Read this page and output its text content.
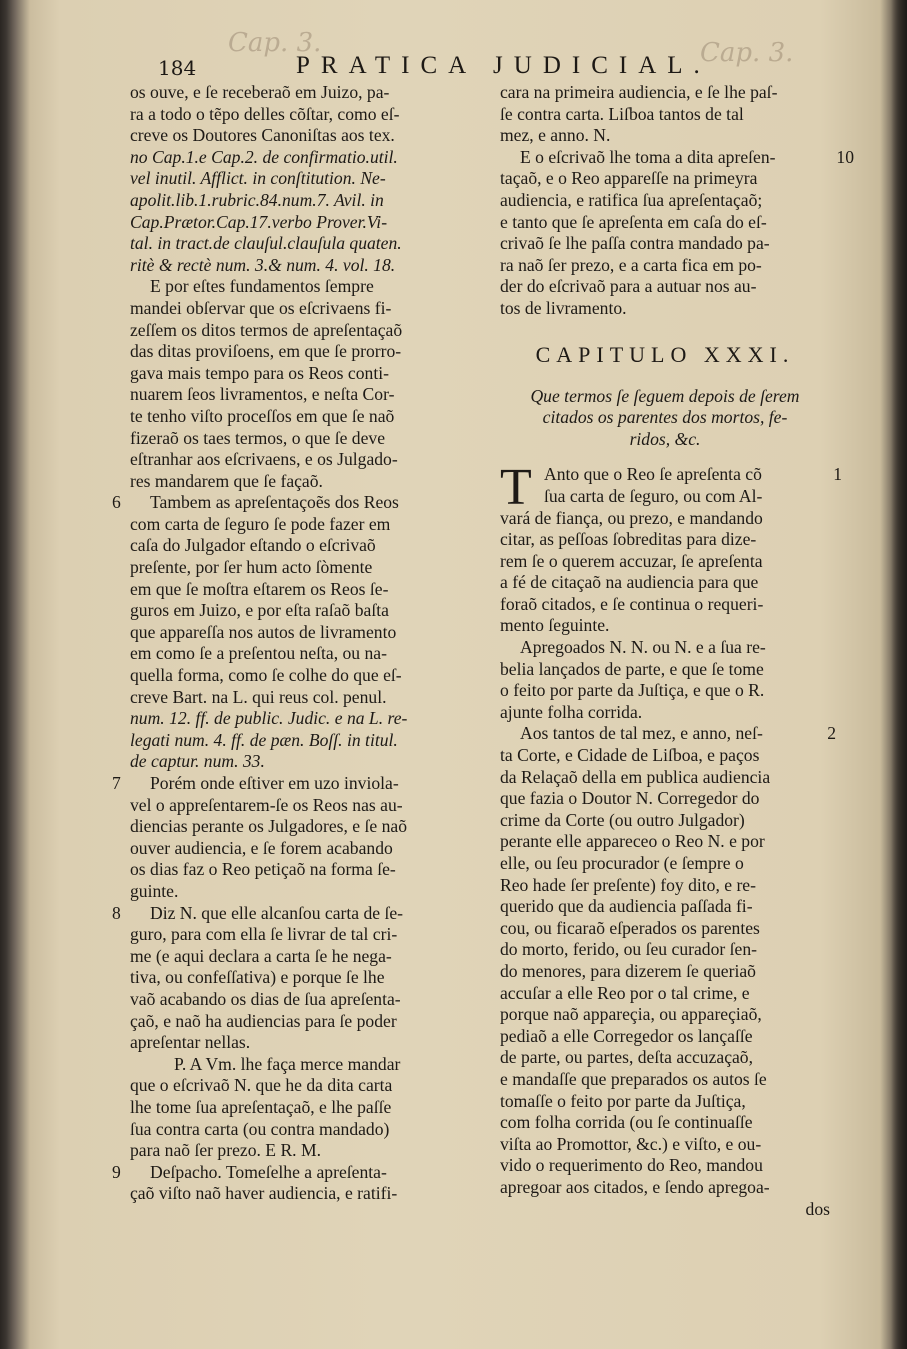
Cap. 3.	Cap. 3.
184	PRATICA JUDICIAL.
os ouve, e ſe receberaõ em Juizo, pa-
ra a todo o tẽpo delles cõſtar, como eſ-
creve os Doutores Canoniſtas aos tex.
no Cap.1.e Cap.2. de confirmatio.util.
vel inutil. Afflict. in conſtitution. Ne-
apolit.lib.1.rubric.84.num.7. Avil. in
Cap.Prætor.Cap.17.verbo Prover.Vi-
tal. in tract.de clauſul.clauſula quaten.
ritè & rectè num. 3.& num. 4. vol. 18.
E por eſtes fundamentos ſempre
mandei obſervar que os eſcrivaens fi-
zeſſem os ditos termos de apreſentaçaõ
das ditas proviſoens, em que ſe prorro-
gava mais tempo para os Reos conti-
nuarem ſeos livramentos, e neſta Cor-
te tenho viſto proceſſos em que ſe naõ
fizeraõ os taes termos, o que ſe deve
eſtranhar aos eſcrivaens, e os Julgado-
res mandarem que ſe façaõ.
6 Tambem as apreſentaçoẽs dos Reos
com carta de ſeguro ſe pode fazer em
caſa do Julgador eſtando o eſcrivaõ
preſente, por ſer hum acto ſòmente
em que ſe moſtra eſtarem os Reos ſe-
guros em Juizo, e por eſta raſaõ baſta
que appareſſa nos autos de livramento
em como ſe a preſentou neſta, ou na-
quella forma, como ſe colhe do que eſ-
creve Bart. na L. qui reus col. penul.
num. 12. ff. de public. Judic. e na L. re-
legati num. 4. ff. de pæn. Boſſ. in titul.
de captur. num. 33.
7 Porém onde eſtiver em uzo inviola-
vel o appreſentarem-ſe os Reos nas au-
diencias perante os Julgadores, e ſe naõ
ouver audiencia, e ſe forem acabando
os dias faz o Reo petiçaõ na forma ſe-
guinte.
8 Diz N. que elle alcanſou carta de ſe-
guro, para com ella ſe livrar de tal cri-
me (e aqui declara a carta ſe he nega-
tiva, ou confeſſativa) e porque ſe lhe
vaõ acabando os dias de ſua apreſenta-
çaõ, e naõ ha audiencias para ſe poder
apreſentar nellas.
P. A Vm. lhe faça merce mandar
que o eſcrivaõ N. que he da dita carta
lhe tome ſua apreſentaçaõ, e lhe paſſe
ſua contra carta (ou contra mandado)
para naõ ſer prezo. E R. M.
9 Deſpacho. Tomeſelhe a apreſenta-
çaõ viſto naõ haver audiencia, e ratifi-
cara na primeira audiencia, e ſe lhe paſ-
ſe contra carta. Liſboa tantos de tal
mez, e anno. N.
E o eſcrivaõ lhe toma a dita apreſen-	10
taçaõ, e o Reo appareſſe na primeyra
audiencia, e ratifica ſua apreſentaçaõ;
e tanto que ſe apreſenta em caſa do eſ-
crivaõ ſe lhe paſſa contra mandado pa-
ra naõ ſer prezo, e a carta fica em po-
der do eſcrivaõ para a autuar nos au-
tos de livramento.
CAPITULO XXXI.
Que termos ſe ſeguem depois de ſerem
citados os parentes dos mortos, fe-
ridos, &c.
T Anto que o Reo ſe apreſenta cõ	1
ſua carta de ſeguro, ou com Al-
vará de fiança, ou prezo, e mandando
citar, as peſſoas ſobreditas para dize-
rem ſe o querem accuzar, ſe apreſenta
a fé de citaçaõ na audiencia para que
foraõ citados, e ſe continua o requeri-
mento ſeguinte.
Apregoados N. N. ou N. e a ſua re-
belia lançados de parte, e que ſe tome
o feito por parte da Juſtiça, e que o R.
ajunte folha corrida.
Aos tantos de tal mez, e anno, neſ-	2
ta Corte, e Cidade de Liſboa, e paços
da Relaçaõ della em publica audiencia
que fazia o Doutor N. Corregedor do
crime da Corte (ou outro Julgador)
perante elle appareceo o Reo N. e por
elle, ou ſeu procurador (e ſempre o
Reo hade ſer preſente) foy dito, e re-
querido que da audiencia paſſada fi-
cou, ou ficaraõ eſperados os parentes
do morto, ferido, ou ſeu curador ſen-
do menores, para dizerem ſe queriaõ
accuſar a elle Reo por o tal crime, e
porque naõ appareçia, ou appareçiaõ,
pediaõ a elle Corregedor os lançaſſe
de parte, ou partes, deſta accuzaçaõ,
e mandaſſe que preparados os autos ſe
tomaſſe o feito por parte da Juſtiça,
com folha corrida (ou ſe continuaſſe
viſta ao Promottor, &c.) e viſto, e ou-
vido o requerimento do Reo, mandou
apregoar aos citados, e ſendo apregoa-
dos
